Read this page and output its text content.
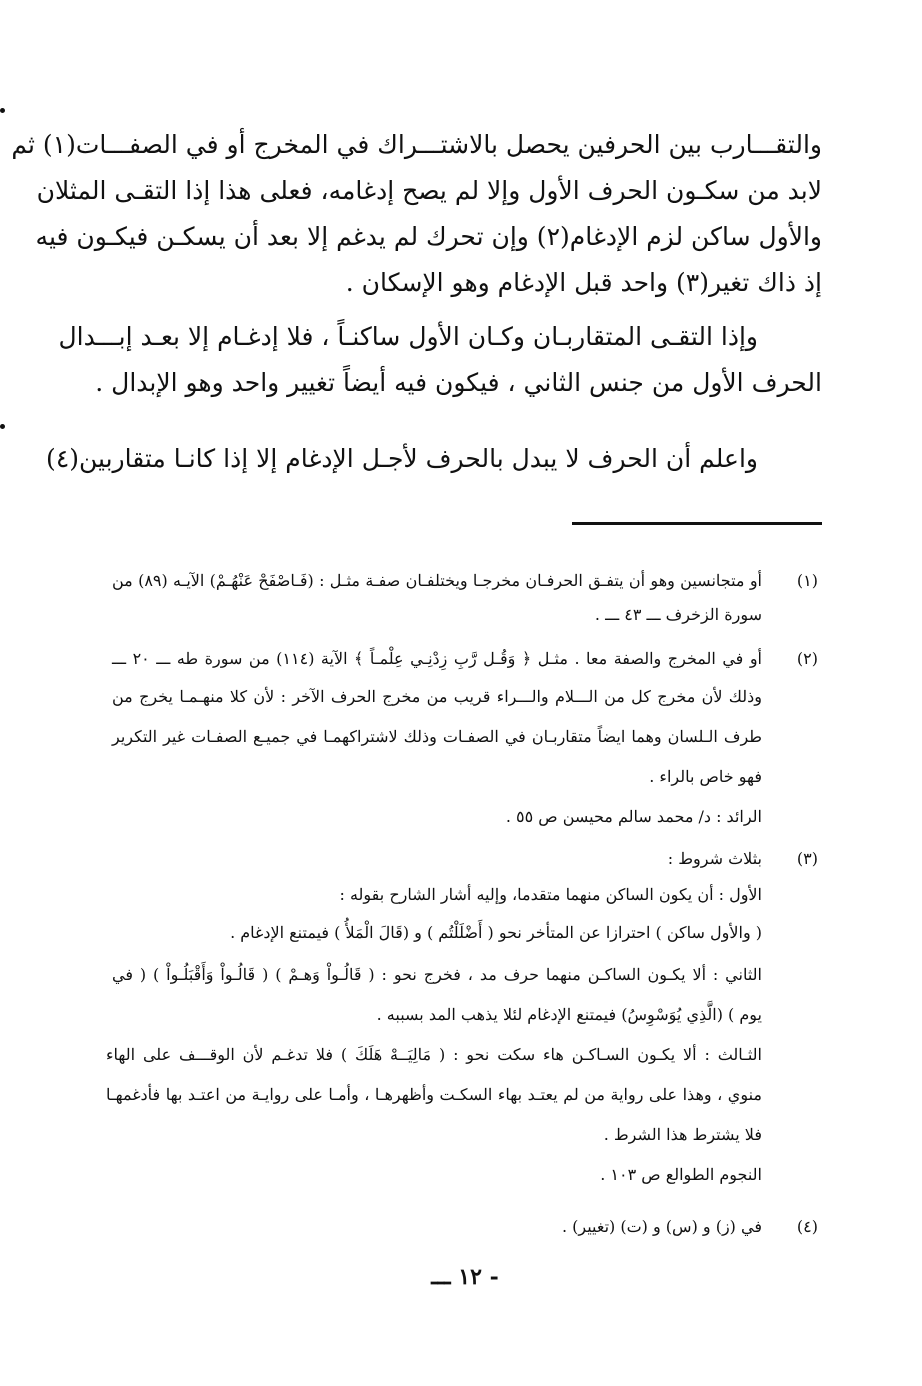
والتقـــارب بين الحرفين يحصل بالاشتـــراك في المخرج أو في الصفـــات(١) ثم
لابد من سكـون الحرف الأول وإلا لم يصح إدغامه، فعلى هذا إذا التقـى المثلان
والأول ساكن لزم الإدغام(٢) وإن تحرك لم يدغم إلا بعد أن يسكـن فيكـون فيه
إذ ذاك تغير(٣) واحد قبل الإدغام وهو الإسكان .
وإذا التقـى المتقاربـان وكـان الأول ساكنـاً ، فلا إدغـام إلا بعـد إبـــدال
الحرف الأول من جنس الثاني ، فيكون فيه أيضاً تغيير واحد وهو الإبدال .
واعلم أن الحرف لا يبدل بالحرف لأجـل الإدغام إلا إذا كانـا متقاربين(٤)
(١)
أو متجانسين وهو أن يتفـق الحرفـان مخرجـا ويختلفـان صفـة مثـل : (فَـاصْفَحْ عَنْهُـمْ) الآيـه (٨٩) من
سورة الزخرف ـــ ٤٣ ـــ .
(٢)
أو في المخرج والصفة معا . مثـل ﴿ وَقُـل رَّبِ زِدْنِـي عِلْمـاً ﴾ الآية (١١٤) من سورة طه ـــ ٢٠ ـــ
وذلك لأن مخرج كل من الـــلام والـــراء قريب من مخرج الحرف الآخر : لأن كلا منهـمـا يخرج من
طرف الـلسان وهما ايضاً متقاربـان في الصفـات وذلك لاشتراكهمـا في جميـع الصفـات غير التكرير
فهو خاص بالراء .
الرائد : د/ محمد سالم محيسن ص ٥٥ .
(٣)
بثلاث شروط :
الأول : أن يكون الساكن منهما متقدما، وإليه أشار الشارح بقوله :
( والأول ساكن ) احترازا عن المتأخر نحو ( أَضْلَلْتُم ) و (قَالَ الْمَلأُ ) فيمتنع الإدغام .
الثاني : ألا يكـون الساكـن منهما حرف مد ، فخرج نحو : ( قَالُـواْ وَهـمْ ) ( قَالُـواْ وَأَقْبَلُـواْ ) ( في
يوم ) (الَّذِي يُوَسْوِسُ) فيمتنع الإدغام لئلا يذهب المد بسببه .
الثـالث : ألا يكـون السـاكـن هاء سكت نحو : ( مَالِيَــهْ هَلَكَ ) فلا تدغـم لأن الوقـــف على الهاء
منوي ، وهذا على رواية من لم يعتـد بهاء السكـت وأظهرهـا ، وأمـا على روايـة من اعتـد بها فأدغمهـا
فلا يشترط هذا الشرط .
النجوم الطوالع ص ١٠٣ .
(٤)
في (ز) و (س) و (ت) (تغيير) .
- ١٢ ـــ
